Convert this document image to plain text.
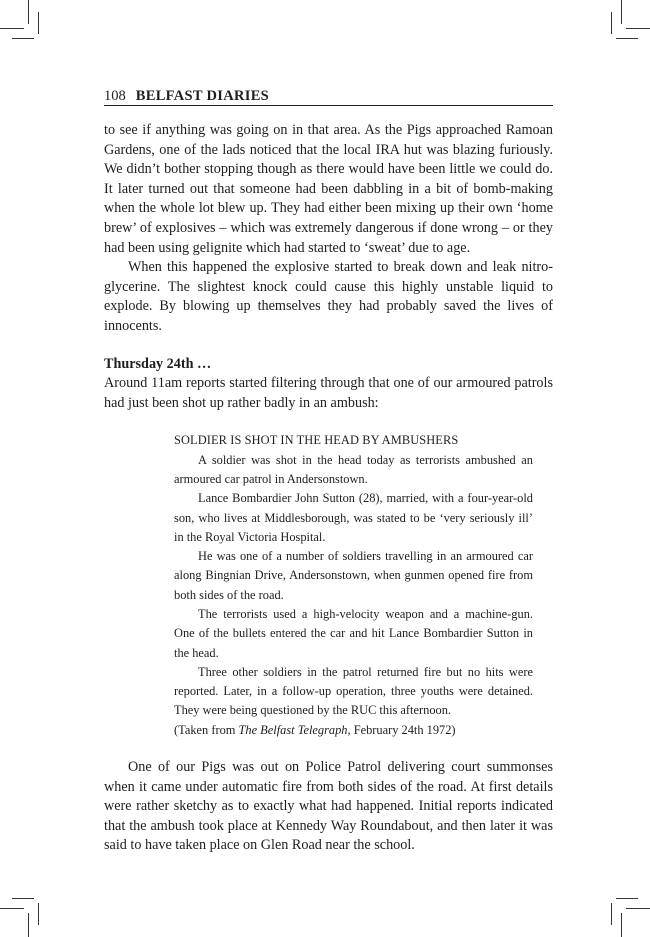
108 BELFAST DIARIES

to see if anything was going on in that area. As the Pigs approached Ramoan Gardens, one of the lads noticed that the local IRA hut was blazing furiously. We didn’t bother stopping though as there would have been little we could do. It later turned out that someone had been dabbling in a bit of bomb-making when the whole lot blew up. They had either been mixing up their own ‘home brew’ of explosives – which was extremely dangerous if done wrong – or they had been using gelignite which had started to ‘sweat’ due to age.

When this happened the explosive started to break down and leak nitroglycerine. The slightest knock could cause this highly unstable liquid to explode. By blowing up themselves they had probably saved the lives of innocents.

Thursday 24th …

Around 11am reports started filtering through that one of our armoured patrols had just been shot up rather badly in an ambush:

SOLDIER IS SHOT IN THE HEAD BY AMBUSHERS

A soldier was shot in the head today as terrorists ambushed an armoured car patrol in Andersonstown.

Lance Bombardier John Sutton (28), married, with a four-year-old son, who lives at Middlesborough, was stated to be ‘very seriously ill’ in the Royal Victoria Hospital.

He was one of a number of soldiers travelling in an armoured car along Bingnian Drive, Andersonstown, when gunmen opened fire from both sides of the road.

The terrorists used a high-velocity weapon and a machine-gun. One of the bullets entered the car and hit Lance Bombardier Sutton in the head.

Three other soldiers in the patrol returned fire but no hits were reported. Later, in a follow-up operation, three youths were detained. They were being questioned by the RUC this afternoon.

(Taken from The Belfast Telegraph, February 24th 1972)

One of our Pigs was out on Police Patrol delivering court summonses when it came under automatic fire from both sides of the road. At first details were rather sketchy as to exactly what had happened. Initial reports indicated that the ambush took place at Kennedy Way Roundabout, and then later it was said to have taken place on Glen Road near the school.
